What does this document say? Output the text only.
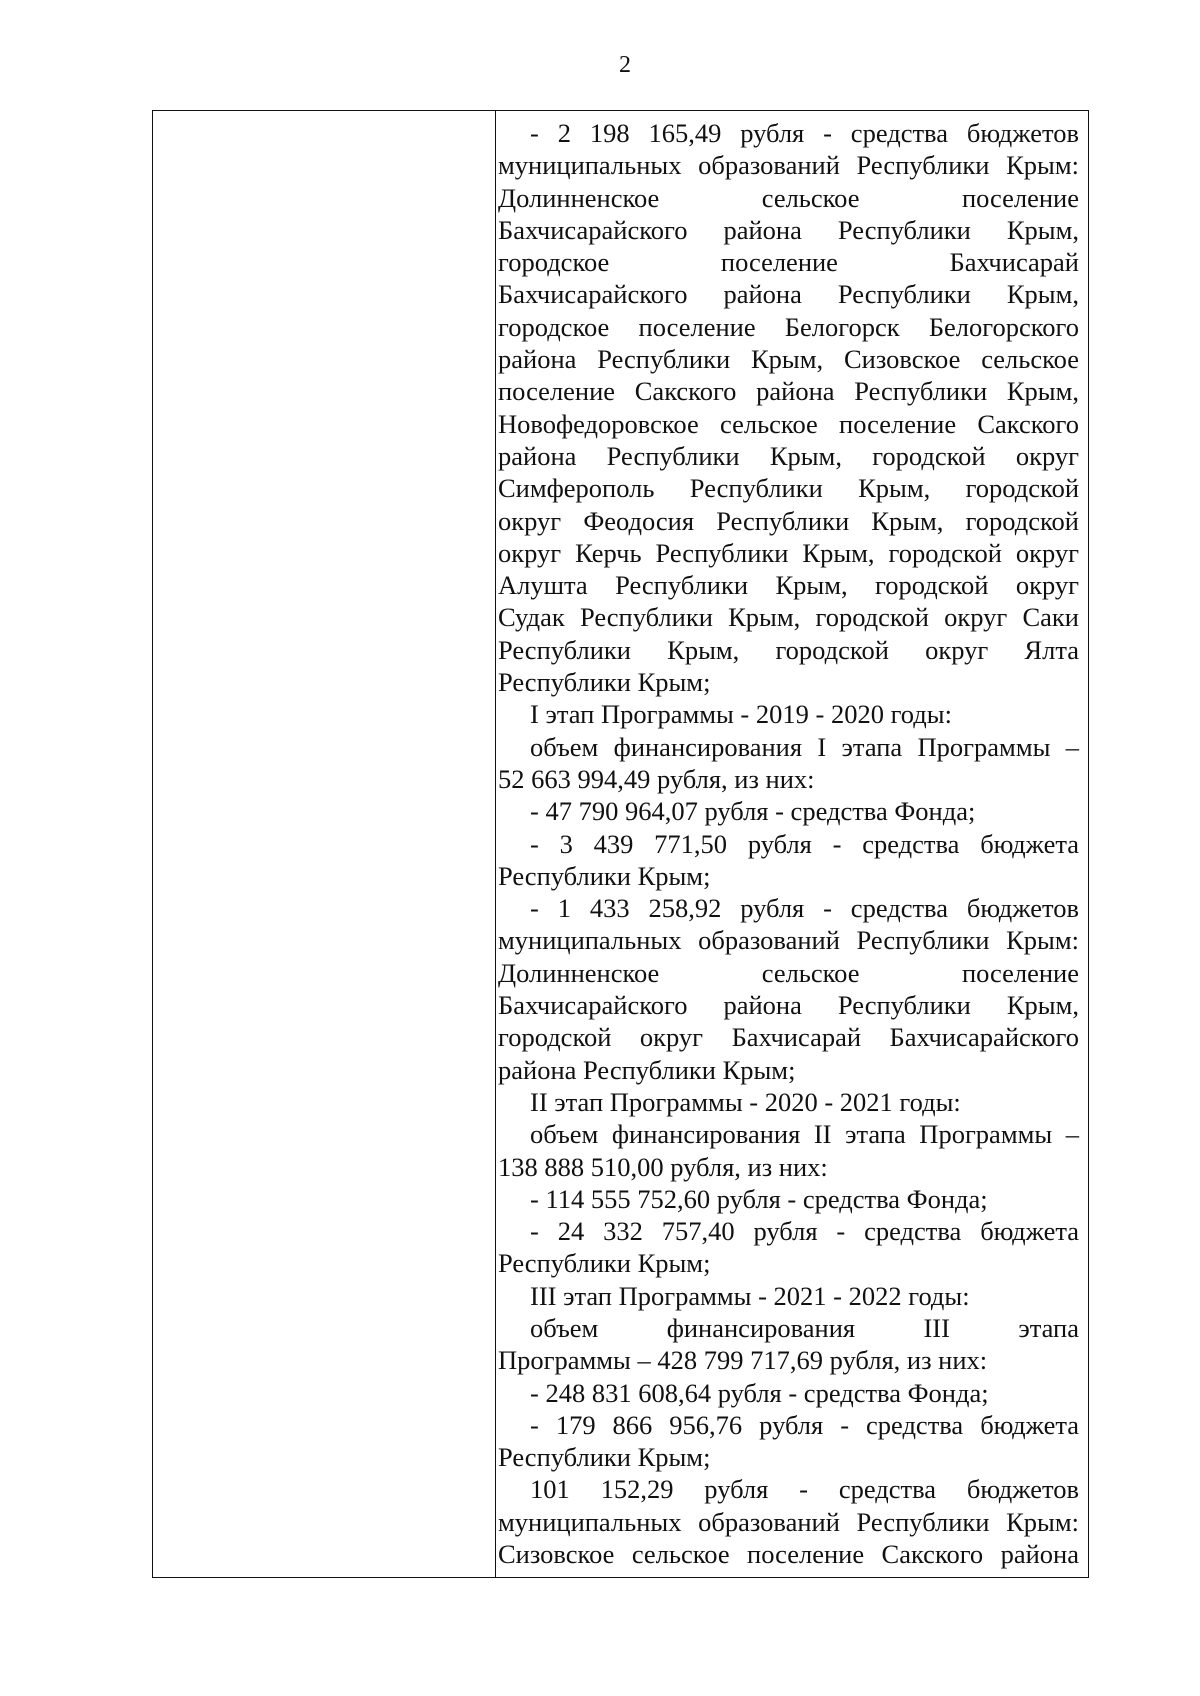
2
- 2 198 165,49 рубля - средства бюджетов
муниципальных образований Республики Крым:
Долинненское сельское поселение
Бахчисарайского района Республики Крым,
городское поселение Бахчисарай
Бахчисарайского района Республики Крым,
городское поселение Белогорск Белогорского
района Республики Крым, Сизовское сельское
поселение Сакского района Республики Крым,
Новофедоровское сельское поселение Сакского
района Республики Крым, городской округ
Симферополь Республики Крым, городской
округ Феодосия Республики Крым, городской
округ Керчь Республики Крым, городской округ
Алушта Республики Крым, городской округ
Судак Республики Крым, городской округ Саки
Республики Крым, городской округ Ялта
Республики Крым;
I этап Программы - 2019 - 2020 годы:
объем финансирования I этапа Программы –
52 663 994,49 рубля, из них:
- 47 790 964,07 рубля - средства Фонда;
- 3 439 771,50 рубля - средства бюджета
Республики Крым;
- 1 433 258,92 рубля - средства бюджетов
муниципальных образований Республики Крым:
Долинненское сельское поселение
Бахчисарайского района Республики Крым,
городской округ Бахчисарай Бахчисарайского
района Республики Крым;
II этап Программы - 2020 - 2021 годы:
объем финансирования II этапа Программы –
138 888 510,00 рубля, из них:
- 114 555 752,60 рубля - средства Фонда;
- 24 332 757,40 рубля - средства бюджета
Республики Крым;
III этап Программы - 2021 - 2022 годы:
объем финансирования III этапа
Программы – 428 799 717,69 рубля, из них:
- 248 831 608,64 рубля - средства Фонда;
- 179 866 956,76 рубля - средства бюджета
Республики Крым;
101 152,29 рубля - средства бюджетов
муниципальных образований Республики Крым:
Сизовское сельское поселение Сакского района
